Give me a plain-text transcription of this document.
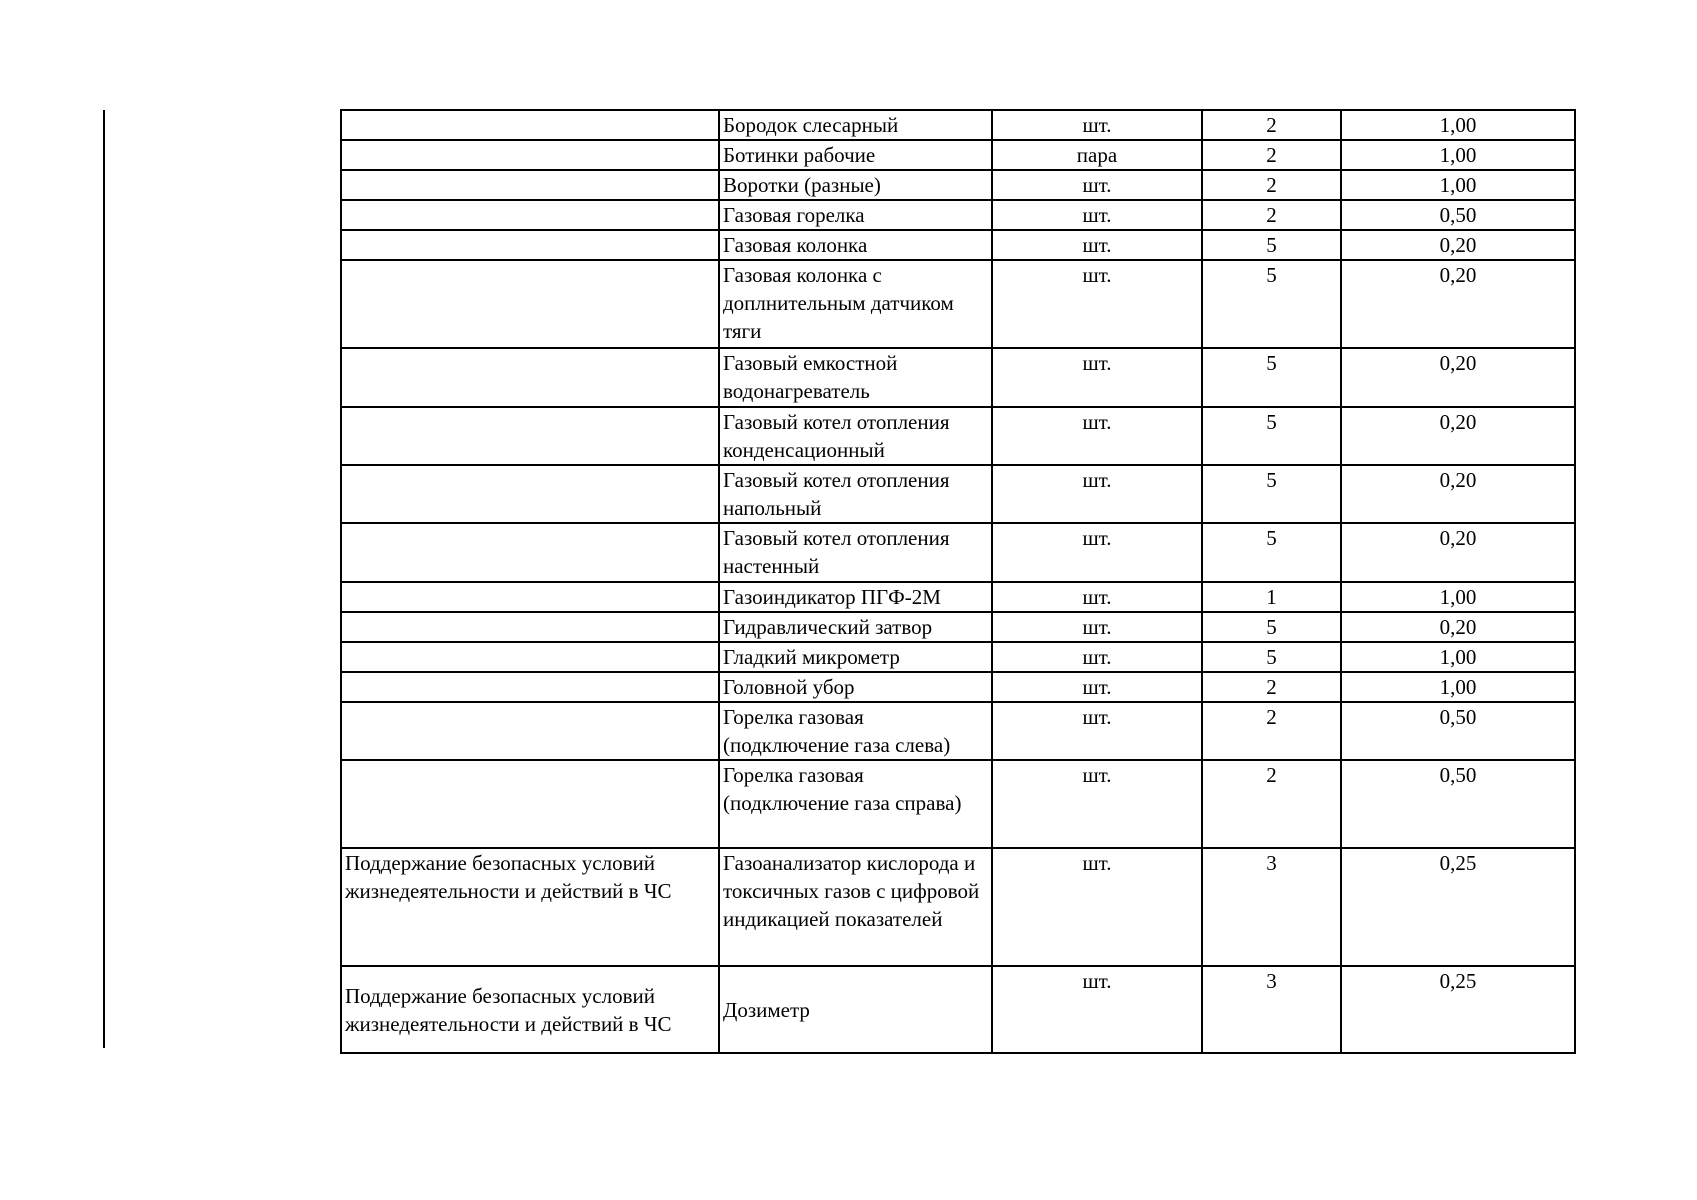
	Бородок слесарный	шт.	2	1,00
	Ботинки рабочие	пара	2	1,00
	Воротки (разные)	шт.	2	1,00
	Газовая горелка	шт.	2	0,50
	Газовая колонка	шт.	5	0,20
	Газовая колонка с доплнительным датчиком тяги	шт.	5	0,20
	Газовый емкостной водонагреватель	шт.	5	0,20
	Газовый котел отопления конденсационный	шт.	5	0,20
	Газовый котел отопления напольный	шт.	5	0,20
	Газовый котел отопления настенный	шт.	5	0,20
	Газоиндикатор ПГФ-2М	шт.	1	1,00
	Гидравлический затвор	шт.	5	0,20
	Гладкий микрометр	шт.	5	1,00
	Головной убор	шт.	2	1,00
	Горелка газовая (подключение газа слева)	шт.	2	0,50
	Горелка газовая (подключение газа справа)	шт.	2	0,50
Поддержание безопасных условий жизнедеятельности и действий в ЧС	Газоанализатор кислорода и токсичных газов с цифровой индикацией показателей	шт.	3	0,25
Поддержание безопасных условий жизнедеятельности и действий в ЧС	Дозиметр	шт.	3	0,25
